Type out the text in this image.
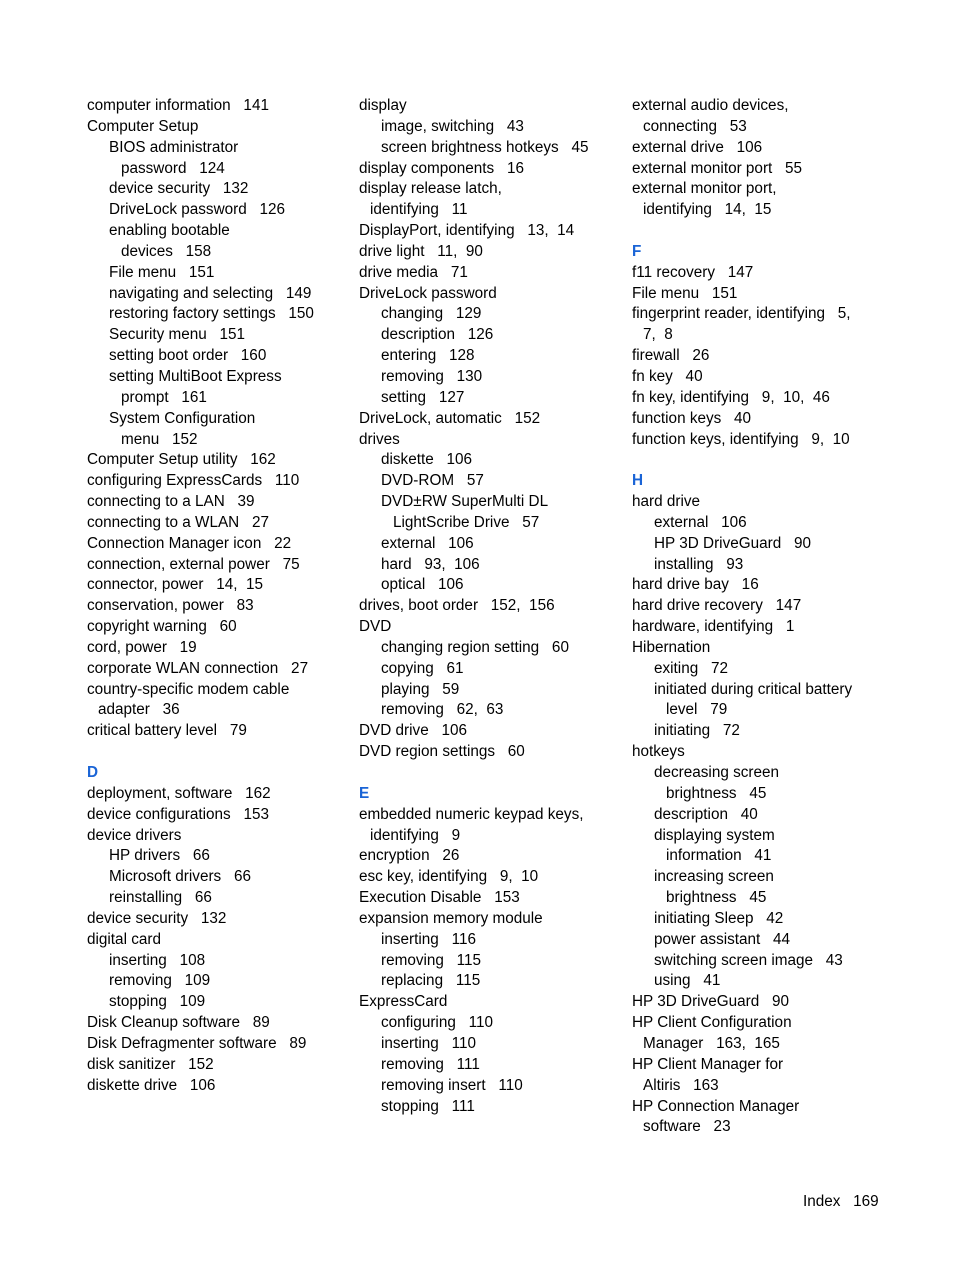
computer information   141
Computer Setup
BIOS administrator
password   124
device security   132
DriveLock password   126
enabling bootable
devices   158
File menu   151
navigating and selecting   149
restoring factory settings   150
Security menu   151
setting boot order   160
setting MultiBoot Express
prompt   161
System Configuration
menu   152
Computer Setup utility   162
configuring ExpressCards   110
connecting to a LAN   39
connecting to a WLAN   27
Connection Manager icon   22
connection, external power   75
connector, power   14,  15
conservation, power   83
copyright warning   60
cord, power   19
corporate WLAN connection   27
country-specific modem cable
adapter   36
critical battery level   79
D
deployment, software   162
device configurations   153
device drivers
HP drivers   66
Microsoft drivers   66
reinstalling   66
device security   132
digital card
inserting   108
removing   109
stopping   109
Disk Cleanup software   89
Disk Defragmenter software   89
disk sanitizer   152
diskette drive   106
display
image, switching   43
screen brightness hotkeys   45
display components   16
display release latch,
identifying   11
DisplayPort, identifying   13,  14
drive light   11,  90
drive media   71
DriveLock password
changing   129
description   126
entering   128
removing   130
setting   127
DriveLock, automatic   152
drives
diskette   106
DVD-ROM   57
DVD±RW SuperMulti DL
LightScribe Drive   57
external   106
hard   93,  106
optical   106
drives, boot order   152,  156
DVD
changing region setting   60
copying   61
playing   59
removing   62,  63
DVD drive   106
DVD region settings   60
E
embedded numeric keypad keys,
identifying   9
encryption   26
esc key, identifying   9,  10
Execution Disable   153
expansion memory module
inserting   116
removing   115
replacing   115
ExpressCard
configuring   110
inserting   110
removing   111
removing insert   110
stopping   111
external audio devices,
connecting   53
external drive   106
external monitor port   55
external monitor port,
identifying   14,  15
F
f11 recovery   147
File menu   151
fingerprint reader, identifying   5,
7,  8
firewall   26
fn key   40
fn key, identifying   9,  10,  46
function keys   40
function keys, identifying   9,  10
H
hard drive
external   106
HP 3D DriveGuard   90
installing   93
hard drive bay   16
hard drive recovery   147
hardware, identifying   1
Hibernation
exiting   72
initiated during critical battery
level   79
initiating   72
hotkeys
decreasing screen
brightness   45
description   40
displaying system
information   41
increasing screen
brightness   45
initiating Sleep   42
power assistant   44
switching screen image   43
using   41
HP 3D DriveGuard   90
HP Client Configuration
Manager   163,  165
HP Client Manager for
Altiris   163
HP Connection Manager
software   23
Index   169
